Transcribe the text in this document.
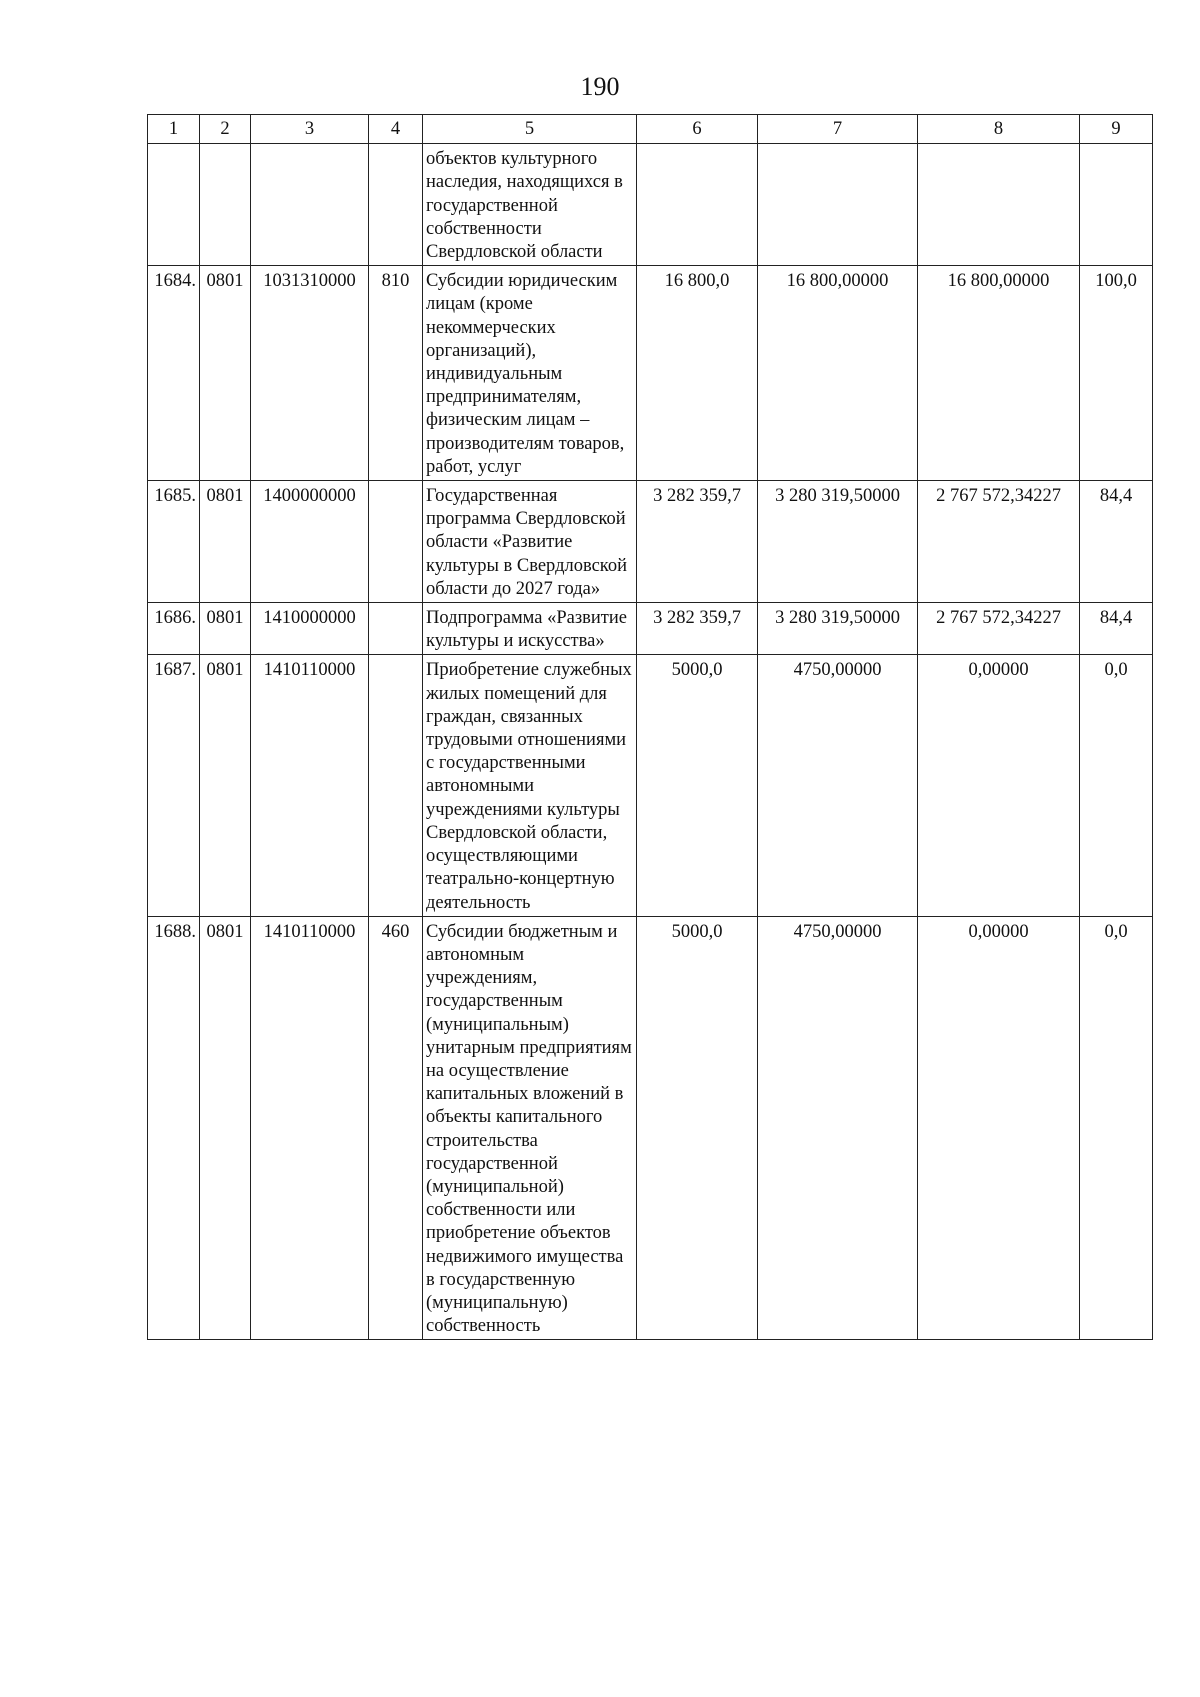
190
1	2	3	4	5	6	7	8	9
				объектов культурного наследия, находящихся в государственной собственности Свердловской области				
1684.	0801	1031310000	810	Субсидии юридическим лицам (кроме некоммерческих организаций), индивидуальным предпринимателям, физическим лицам – производителям товаров, работ, услуг	16 800,0	16 800,00000	16 800,00000	100,0
1685.	0801	1400000000		Государственная программа Свердловской области «Развитие культуры в Свердловской области до 2027 года»	3 282 359,7	3 280 319,50000	2 767 572,34227	84,4
1686.	0801	1410000000		Подпрограмма «Развитие культуры и искусства»	3 282 359,7	3 280 319,50000	2 767 572,34227	84,4
1687.	0801	1410110000		Приобретение служебных жилых помещений для граждан, связанных трудовыми отношениями с государственными автономными учреждениями культуры Свердловской области, осуществляющими театрально-концертную деятельность	5000,0	4750,00000	0,00000	0,0
1688.	0801	1410110000	460	Субсидии бюджетным и автономным учреждениям, государственным (муниципальным) унитарным предприятиям на осуществление капитальных вложений в объекты капитального строительства государственной (муниципальной) собственности или приобретение объектов недвижимого имущества в государственную (муниципальную) собственность	5000,0	4750,00000	0,00000	0,0
